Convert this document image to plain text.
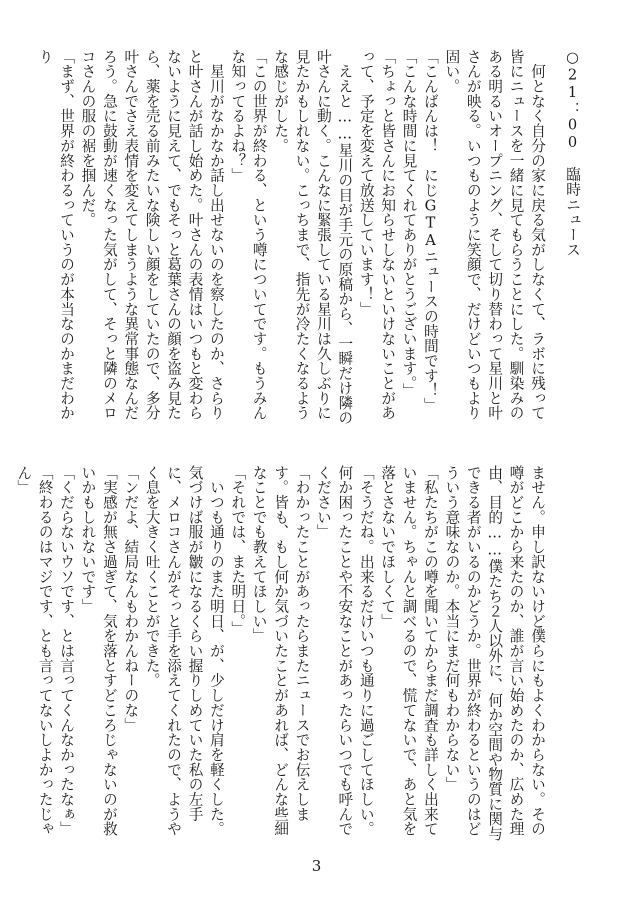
○21：00　臨時ニュース
　何となく自分の家に戻る気がしなくて、ラボに残って皆にニュースを一緒に見てもらうことにした。馴染みのある明るいオープニング、そして切り替わって星川と叶さんが映る。いつものように笑顔で、だけどいつもより固い。
「こんばんは！　にじGTAニュースの時間です！」
「こんな時間に見てくれてありがとうございます。」
「ちょっと皆さんにお知らせしないといけないことがあって、予定を変えて放送しています！」
　ええと……星川の目が手元の原稿から、一瞬だけ隣の叶さんに動く。こんなに緊張している星川は久しぶりに見たかもしれない。こっちまで、指先が冷たくなるような感じがした。
「この世界が終わる、という噂についてです。もうみんな知ってるよね？」
　星川がなかなか話し出せないのを察したのか、さらりと叶さんが話し始めた。叶さんの表情はいつもと変わらないように見えて、でもそっと葛葉さんの顔を盗み見たら、薬を売る前みたいな険しい顔をしていたので、多分叶さんでさえ表情を変えてしまうような異常事態なんだろう。急に鼓動が速くなった気がして、そっと隣のメロコさんの服の裾を掴んだ。
「まず、世界が終わるっていうのが本当なのかまだわかり
ません。申し訳ないけど僕らにもよくわからない。その噂がどこから来たのか、誰が言い始めたのか、広めた理由、目的……僕たち２人以外に、何か空間や物質に関与できる者がいるのかどうか。世界が終わるというのはどういう意味なのか。本当にまだ何もわからない」
「私たちがこの噂を聞いてからまだ調査も詳しく出来ていません。ちゃんと調べるので、慌てないで、あと気を落とさないでほしくて」
「そうだね。出来るだけいつも通りに過ごしてほしい。何か困ったことや不安なことがあったらいつでも呼んでください」
「わかったことがあったらまたニュースでお伝えします。皆も、もし何か気づいたことがあれば、どんな些細なことでも教えてほしい」
「それでは、また明日。」
　いつも通りのまた明日、が、少しだけ肩を軽くした。気づけば服が皺になるくらい握りしめていた私の左手に、メロコさんがそっと手を添えてくれたので、ようやく息を大きく吐くことができた。
「ンだよ、結局なんもわかんねーのな」
「実感が無さ過ぎて、気を落とすどころじゃないのが救いかもしれないです」
「くだらないウソです、とは言ってくんなかったなぁ」
「終わるのはマジです、とも言ってないしよかったじゃん」
3
